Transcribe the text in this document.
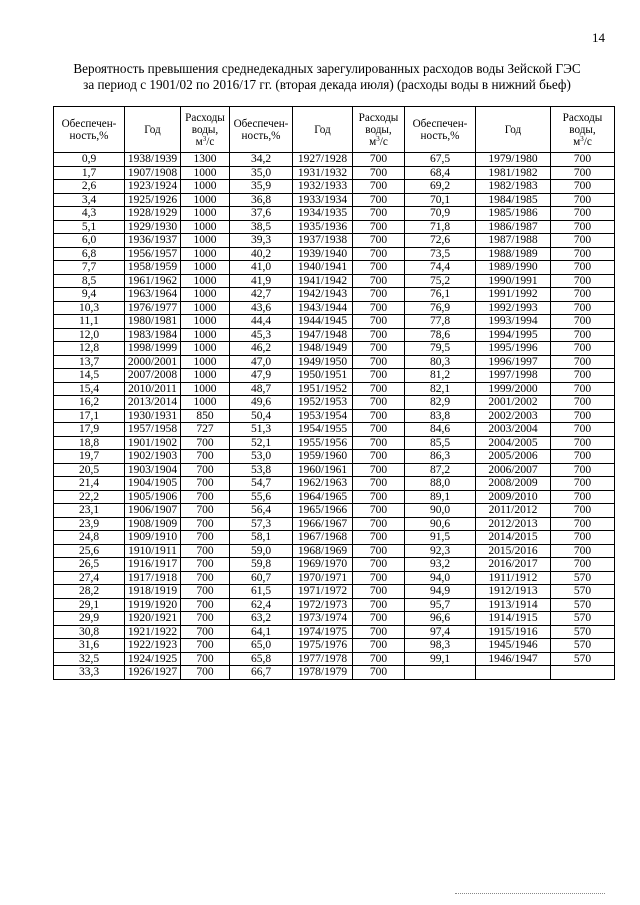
14
Вероятность превышения среднедекадных зарегулированных расходов воды Зейской ГЭС
за период с 1901/02 по 2016/17 гг. (вторая декада июля) (расходы воды в нижний бьеф)
Обеспечен-
ность,%	Год	Расходы
воды,
$м^3/с$	Обеспечен-
ность,%	Год	Расходы
воды,
$м^3/с$	Обеспечен-
ность,%	Год	Расходы
воды,
$м^3/с$

0,9	1938/1939	1300	34,2	1927/1928	700	67,5	1979/1980	700
1,7	1907/1908	1000	35,0	1931/1932	700	68,4	1981/1982	700
2,6	1923/1924	1000	35,9	1932/1933	700	69,2	1982/1983	700
3,4	1925/1926	1000	36,8	1933/1934	700	70,1	1984/1985	700
4,3	1928/1929	1000	37,6	1934/1935	700	70,9	1985/1986	700
5,1	1929/1930	1000	38,5	1935/1936	700	71,8	1986/1987	700
6,0	1936/1937	1000	39,3	1937/1938	700	72,6	1987/1988	700
6,8	1956/1957	1000	40,2	1939/1940	700	73,5	1988/1989	700
7,7	1958/1959	1000	41,0	1940/1941	700	74,4	1989/1990	700
8,5	1961/1962	1000	41,9	1941/1942	700	75,2	1990/1991	700
9,4	1963/1964	1000	42,7	1942/1943	700	76,1	1991/1992	700
10,3	1976/1977	1000	43,6	1943/1944	700	76,9	1992/1993	700
11,1	1980/1981	1000	44,4	1944/1945	700	77,8	1993/1994	700
12,0	1983/1984	1000	45,3	1947/1948	700	78,6	1994/1995	700
12,8	1998/1999	1000	46,2	1948/1949	700	79,5	1995/1996	700
13,7	2000/2001	1000	47,0	1949/1950	700	80,3	1996/1997	700
14,5	2007/2008	1000	47,9	1950/1951	700	81,2	1997/1998	700
15,4	2010/2011	1000	48,7	1951/1952	700	82,1	1999/2000	700
16,2	2013/2014	1000	49,6	1952/1953	700	82,9	2001/2002	700
17,1	1930/1931	850	50,4	1953/1954	700	83,8	2002/2003	700
17,9	1957/1958	727	51,3	1954/1955	700	84,6	2003/2004	700
18,8	1901/1902	700	52,1	1955/1956	700	85,5	2004/2005	700
19,7	1902/1903	700	53,0	1959/1960	700	86,3	2005/2006	700
20,5	1903/1904	700	53,8	1960/1961	700	87,2	2006/2007	700
21,4	1904/1905	700	54,7	1962/1963	700	88,0	2008/2009	700
22,2	1905/1906	700	55,6	1964/1965	700	89,1	2009/2010	700
23,1	1906/1907	700	56,4	1965/1966	700	90,0	2011/2012	700
23,9	1908/1909	700	57,3	1966/1967	700	90,6	2012/2013	700
24,8	1909/1910	700	58,1	1967/1968	700	91,5	2014/2015	700
25,6	1910/1911	700	59,0	1968/1969	700	92,3	2015/2016	700
26,5	1916/1917	700	59,8	1969/1970	700	93,2	2016/2017	700
27,4	1917/1918	700	60,7	1970/1971	700	94,0	1911/1912	570
28,2	1918/1919	700	61,5	1971/1972	700	94,9	1912/1913	570
29,1	1919/1920	700	62,4	1972/1973	700	95,7	1913/1914	570
29,9	1920/1921	700	63,2	1973/1974	700	96,6	1914/1915	570
30,8	1921/1922	700	64,1	1974/1975	700	97,4	1915/1916	570
31,6	1922/1923	700	65,0	1975/1976	700	98,3	1945/1946	570
32,5	1924/1925	700	65,8	1977/1978	700	99,1	1946/1947	570
33,3	1926/1927	700	66,7	1978/1979	700			
